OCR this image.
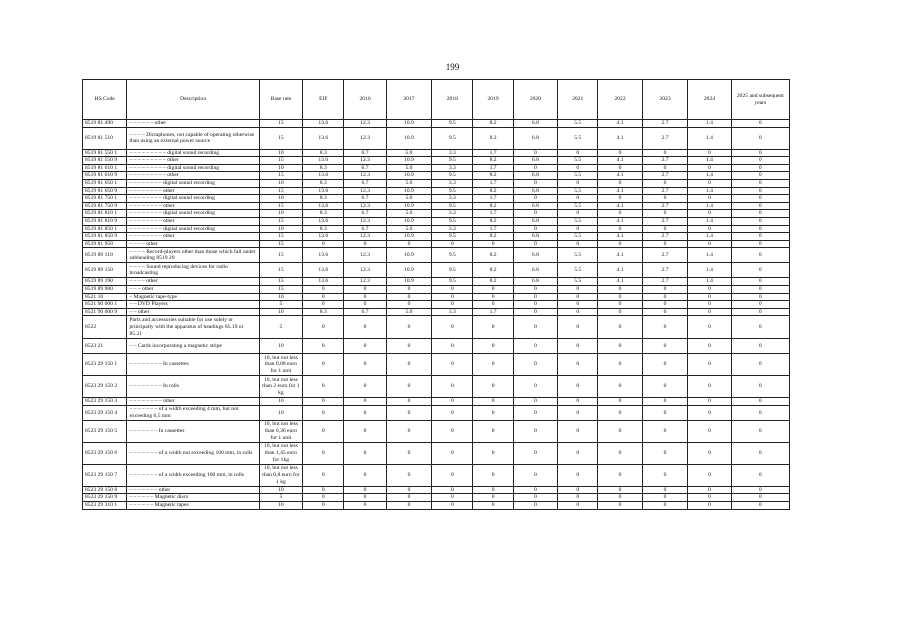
199
HS Code	Description	Base rate	EIF	2016	2017	2018	2019	2020	2021	2022	2023	2024	2025 and subsequent years
8519 81 490	– – – – – – other	15	13.6	12.3	10.9	9.5	8.2	6.8	5.5	4.1	2.7	1.4	0
8519 81 510	– – – – Dictaphones, not capable of operating otherwise than using an external power source	15	13.6	12.3	10.9	9.5	8.2	6.8	5.5	4.1	2.7	1.4	0
8519 81 550 1	– – – – – – – – – digital sound recording	10	8.3	6.7	5.0	3.3	1.7	0	0	0	0	0	0
8519 81 550 9	– – – – – – – – – other	15	13.6	12.3	10.9	9.5	8.2	6.8	5.5	4.1	2.7	1.4	0
8519 81 610 1	– – – – – – – – – digital sound recording	10	8.3	6.7	5.0	3.3	1.7	0	0	0	0	0	0
8519 81 610 9	– – – – – – – – – other	15	13.6	12.3	10.9	9.5	8.2	6.8	5.5	4.1	2.7	1.4	0
8519 81 650 1	– – – – – – – – digital sound recording	10	8.3	6.7	5.0	3.3	1.7	0	0	0	0	0	0
8519 81 650 9	– – – – – – – – other	15	13.6	12.3	10.9	9.5	8.2	6.8	5.5	4.1	2.7	1.4	0
8519 81 750 1	– – – – – – – – digital sound recording	10	8.3	6.7	5.0	3.3	1.7	0	0	0	0	0	0
8519 81 750 9	– – – – – – – – other	15	13.6	12.3	10.9	9.5	8.2	6.8	5.5	4.1	2.7	1.4	0
8519 81 810 1	– – – – – – – – digital sound recording	10	8.3	6.7	5.0	3.3	1.7	0	0	0	0	0	0
8519 81 810 9	– – – – – – – – other	15	13.6	12.3	10.9	9.5	8.2	6.8	5.5	4.1	2.7	1.4	0
8519 81 850 1	– – – – – – – – digital sound recording	10	8.3	6.7	5.0	3.3	1.7	0	0	0	0	0	0
8519 81 850 9	– – – – – – – – other	15	13.6	12.3	10.9	9.5	8.2	6.8	5.5	4.1	2.7	1.4	0
8519 81 950	– – – – other	15	0	0	0	0	0	0	0	0	0	0	0
8519 89 110	– – – – Record-players other than those which fall under subheading 8519 20	15	13.6	12.3	10.9	9.5	8.2	6.8	5.5	4.1	2.7	1.4	0
8519 89 150	– – – – Sound reproducing devices for radio broadcasting	15	13.6	12.3	10.9	9.5	8.2	6.8	5.5	4.1	2.7	1.4	0
8519 89 190	– – – – other	15	13.6	12.3	10.9	9.5	8.2	6.8	5.5	4.1	2.7	1.4	0
8519 89 900	– – – other	15	0	0	0	0	0	0	0	0	0	0	0
8521 10	– Magnetic tape-type	10	0	0	0	0	0	0	0	0	0	0	0
8521 90 000 1	– – DVD Players	5	0	0	0	0	0	0	0	0	0	0	0
8521 90 000 9	– – other	10	8.3	6.7	5.0	3.3	1.7	0	0	0	0	0	0
8522	Parts and accessories suitable for use solely or principally with the apparatus of headings 85.19 or 85.21	5	0	0	0	0	0	0	0	0	0	0	0
8523 21	– – Cards incorporating a magnetic stripe	10	0	0	0	0	0	0	0	0	0	0	0
8523 29 150 1	– – – – – – – – In cassettes	10, but not less than 0,08 euro for 1 unit	0	0	0	0	0	0	0	0	0	0	0
8523 29 150 2	– – – – – – – – In rolls	10, but not less than 2 euro for 1 kg	0	0	0	0	0	0	0	0	0	0	0
8523 29 150 3	– – – – – – – – other	10	0	0	0	0	0	0	0	0	0	0	0
8523 29 150 4	– – – – – – – of a width exceeding 4 mm, but not exceeding 6,5 mm	10	0	0	0	0	0	0	0	0	0	0	0
8523 29 150 5	– – – – – – – In cassettes	10, but not less than 0,36 euro for 1 unit	0	0	0	0	0	0	0	0	0	0	0
8523 29 150 6	– – – – – – – of a width not exceeding 100 mm, in rolls	10, but not less than 1,45 euro for 1kg	0	0	0	0	0	0	0	0	0	0	0
8523 29 150 7	– – – – – – – of a width exceeding 100 mm, in rolls	10, but not less than 0,8 euro for 1 kg	0	0	0	0	0	0	0	0	0	0	0
8523 29 150 8	– – – – – – – other	10	0	0	0	0	0	0	0	0	0	0	0
8523 29 150 9	– – – – – – Magnetic discs	5	0	0	0	0	0	0	0	0	0	0	0
8523 29 310 1	– – – – – – Magnetic tapes	10	0	0	0	0	0	0	0	0	0	0	0
